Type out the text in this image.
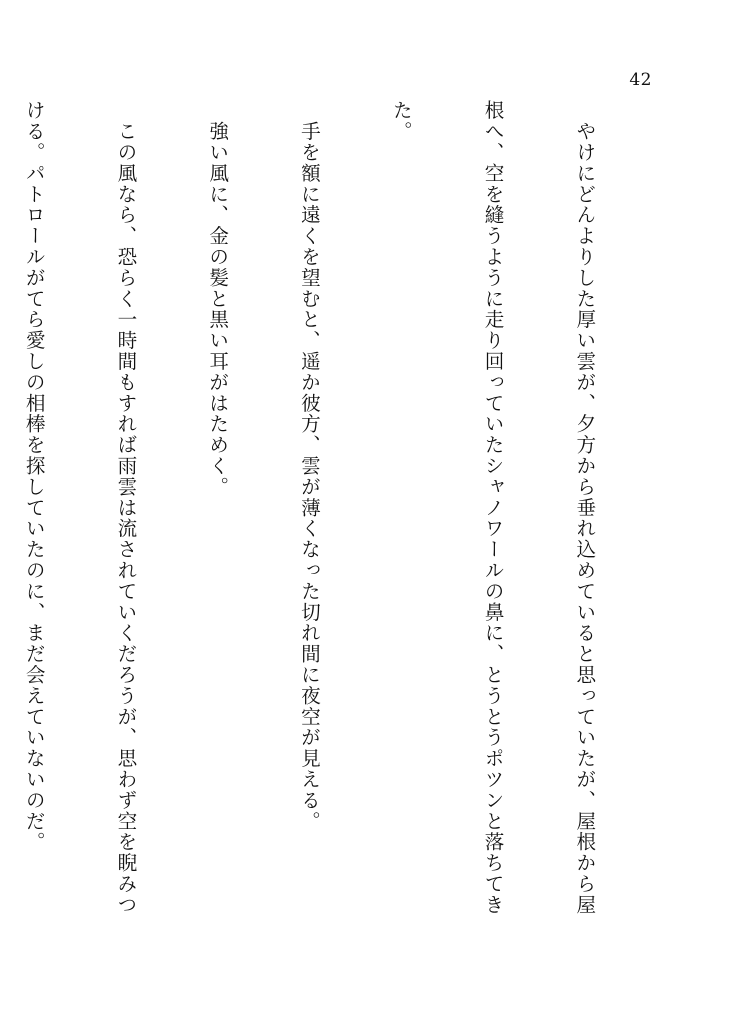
42

　やけにどんよりした厚い雲が、夕方から垂れ込めていると思っていたが、屋根から屋

根へ、空を縫うように走り回っていたシャノワールの鼻に、とうとうポツンと落ちてき

た。

　手を額に遠くを望むと、遥か彼方、雲が薄くなった切れ間に夜空が見える。

　強い風に、金の髪と黒い耳がはためく。

　この風なら、恐らく一時間もすれば雨雲は流されていくだろうが、思わず空を睨みつ

ける。パトロールがてら愛しの相棒を探していたのに、まだ会えていないのだ。
